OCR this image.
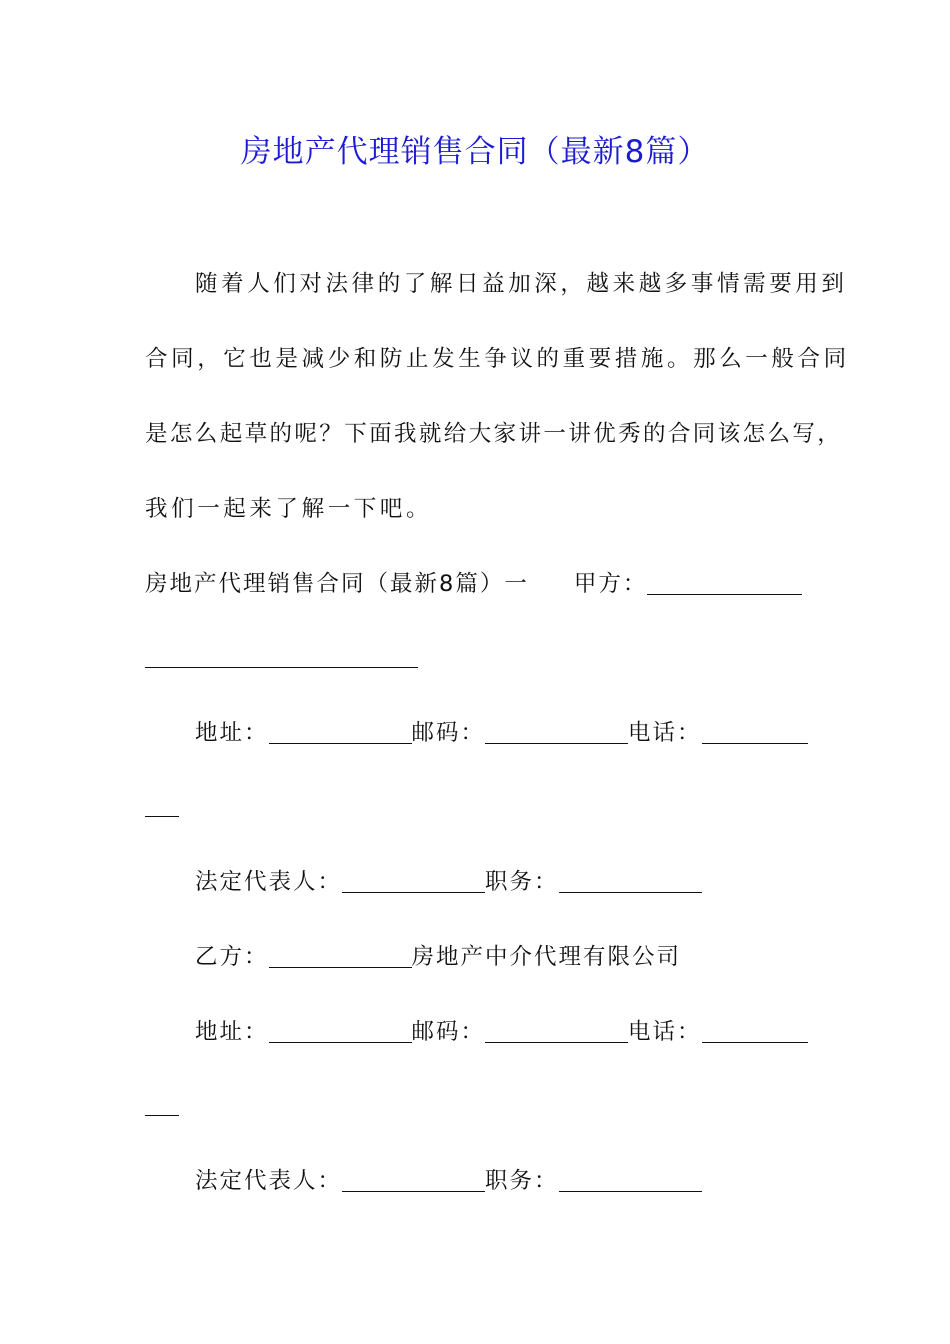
房地产代理销售合同（最新8篇）
随着人们对法律的了解日益加深，越来越多事情需要用到
合同，它也是减少和防止发生争议的重要措施。那么一般合同
是怎么起草的呢？下面我就给大家讲一讲优秀的合同该怎么写，
我们一起来了解一下吧。
房地产代理销售合同（最新8篇）一 甲方：
地址：	邮码：	电话：
法定代表人：	职务：
乙方：	房地产中介代理有限公司
地址：	邮码：	电话：
法定代表人：	职务：
